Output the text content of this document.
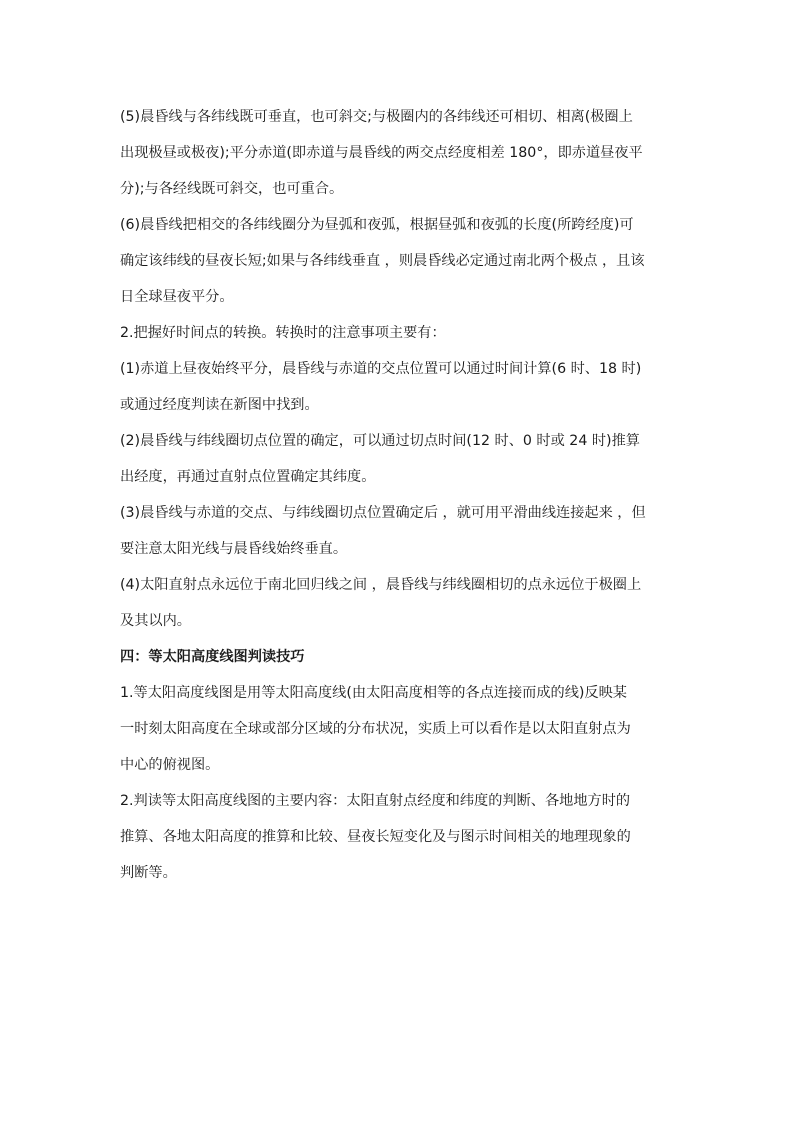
(5)晨昏线与各纬线既可垂直，也可斜交;与极圈内的各纬线还可相切、相离(极圈上
出现极昼或极夜);平分赤道(即赤道与晨昏线的两交点经度相差 180°，即赤道昼夜平
分);与各经线既可斜交，也可重合。
(6)晨昏线把相交的各纬线圈分为昼弧和夜弧，根据昼弧和夜弧的长度(所跨经度)可
确定该纬线的昼夜长短;如果与各纬线垂直 ，则晨昏线必定通过南北两个极点 ，且该
日全球昼夜平分。
2.把握好时间点的转换。转换时的注意事项主要有：
(1)赤道上昼夜始终平分，晨昏线与赤道的交点位置可以通过时间计算(6 时、18 时)
或通过经度判读在新图中找到。
(2)晨昏线与纬线圈切点位置的确定，可以通过切点时间(12 时、0 时或 24 时)推算
出经度，再通过直射点位置确定其纬度。
(3)晨昏线与赤道的交点、与纬线圈切点位置确定后 ，就可用平滑曲线连接起来 ，但
要注意太阳光线与晨昏线始终垂直。
(4)太阳直射点永远位于南北回归线之间 ，晨昏线与纬线圈相切的点永远位于极圈上
及其以内。
四：等太阳高度线图判读技巧
1.等太阳高度线图是用等太阳高度线(由太阳高度相等的各点连接而成的线)反映某
一时刻太阳高度在全球或部分区域的分布状况，实质上可以看作是以太阳直射点为
中心的俯视图。
2.判读等太阳高度线图的主要内容：太阳直射点经度和纬度的判断、各地地方时的
推算、各地太阳高度的推算和比较、昼夜长短变化及与图示时间相关的地理现象的
判断等。
